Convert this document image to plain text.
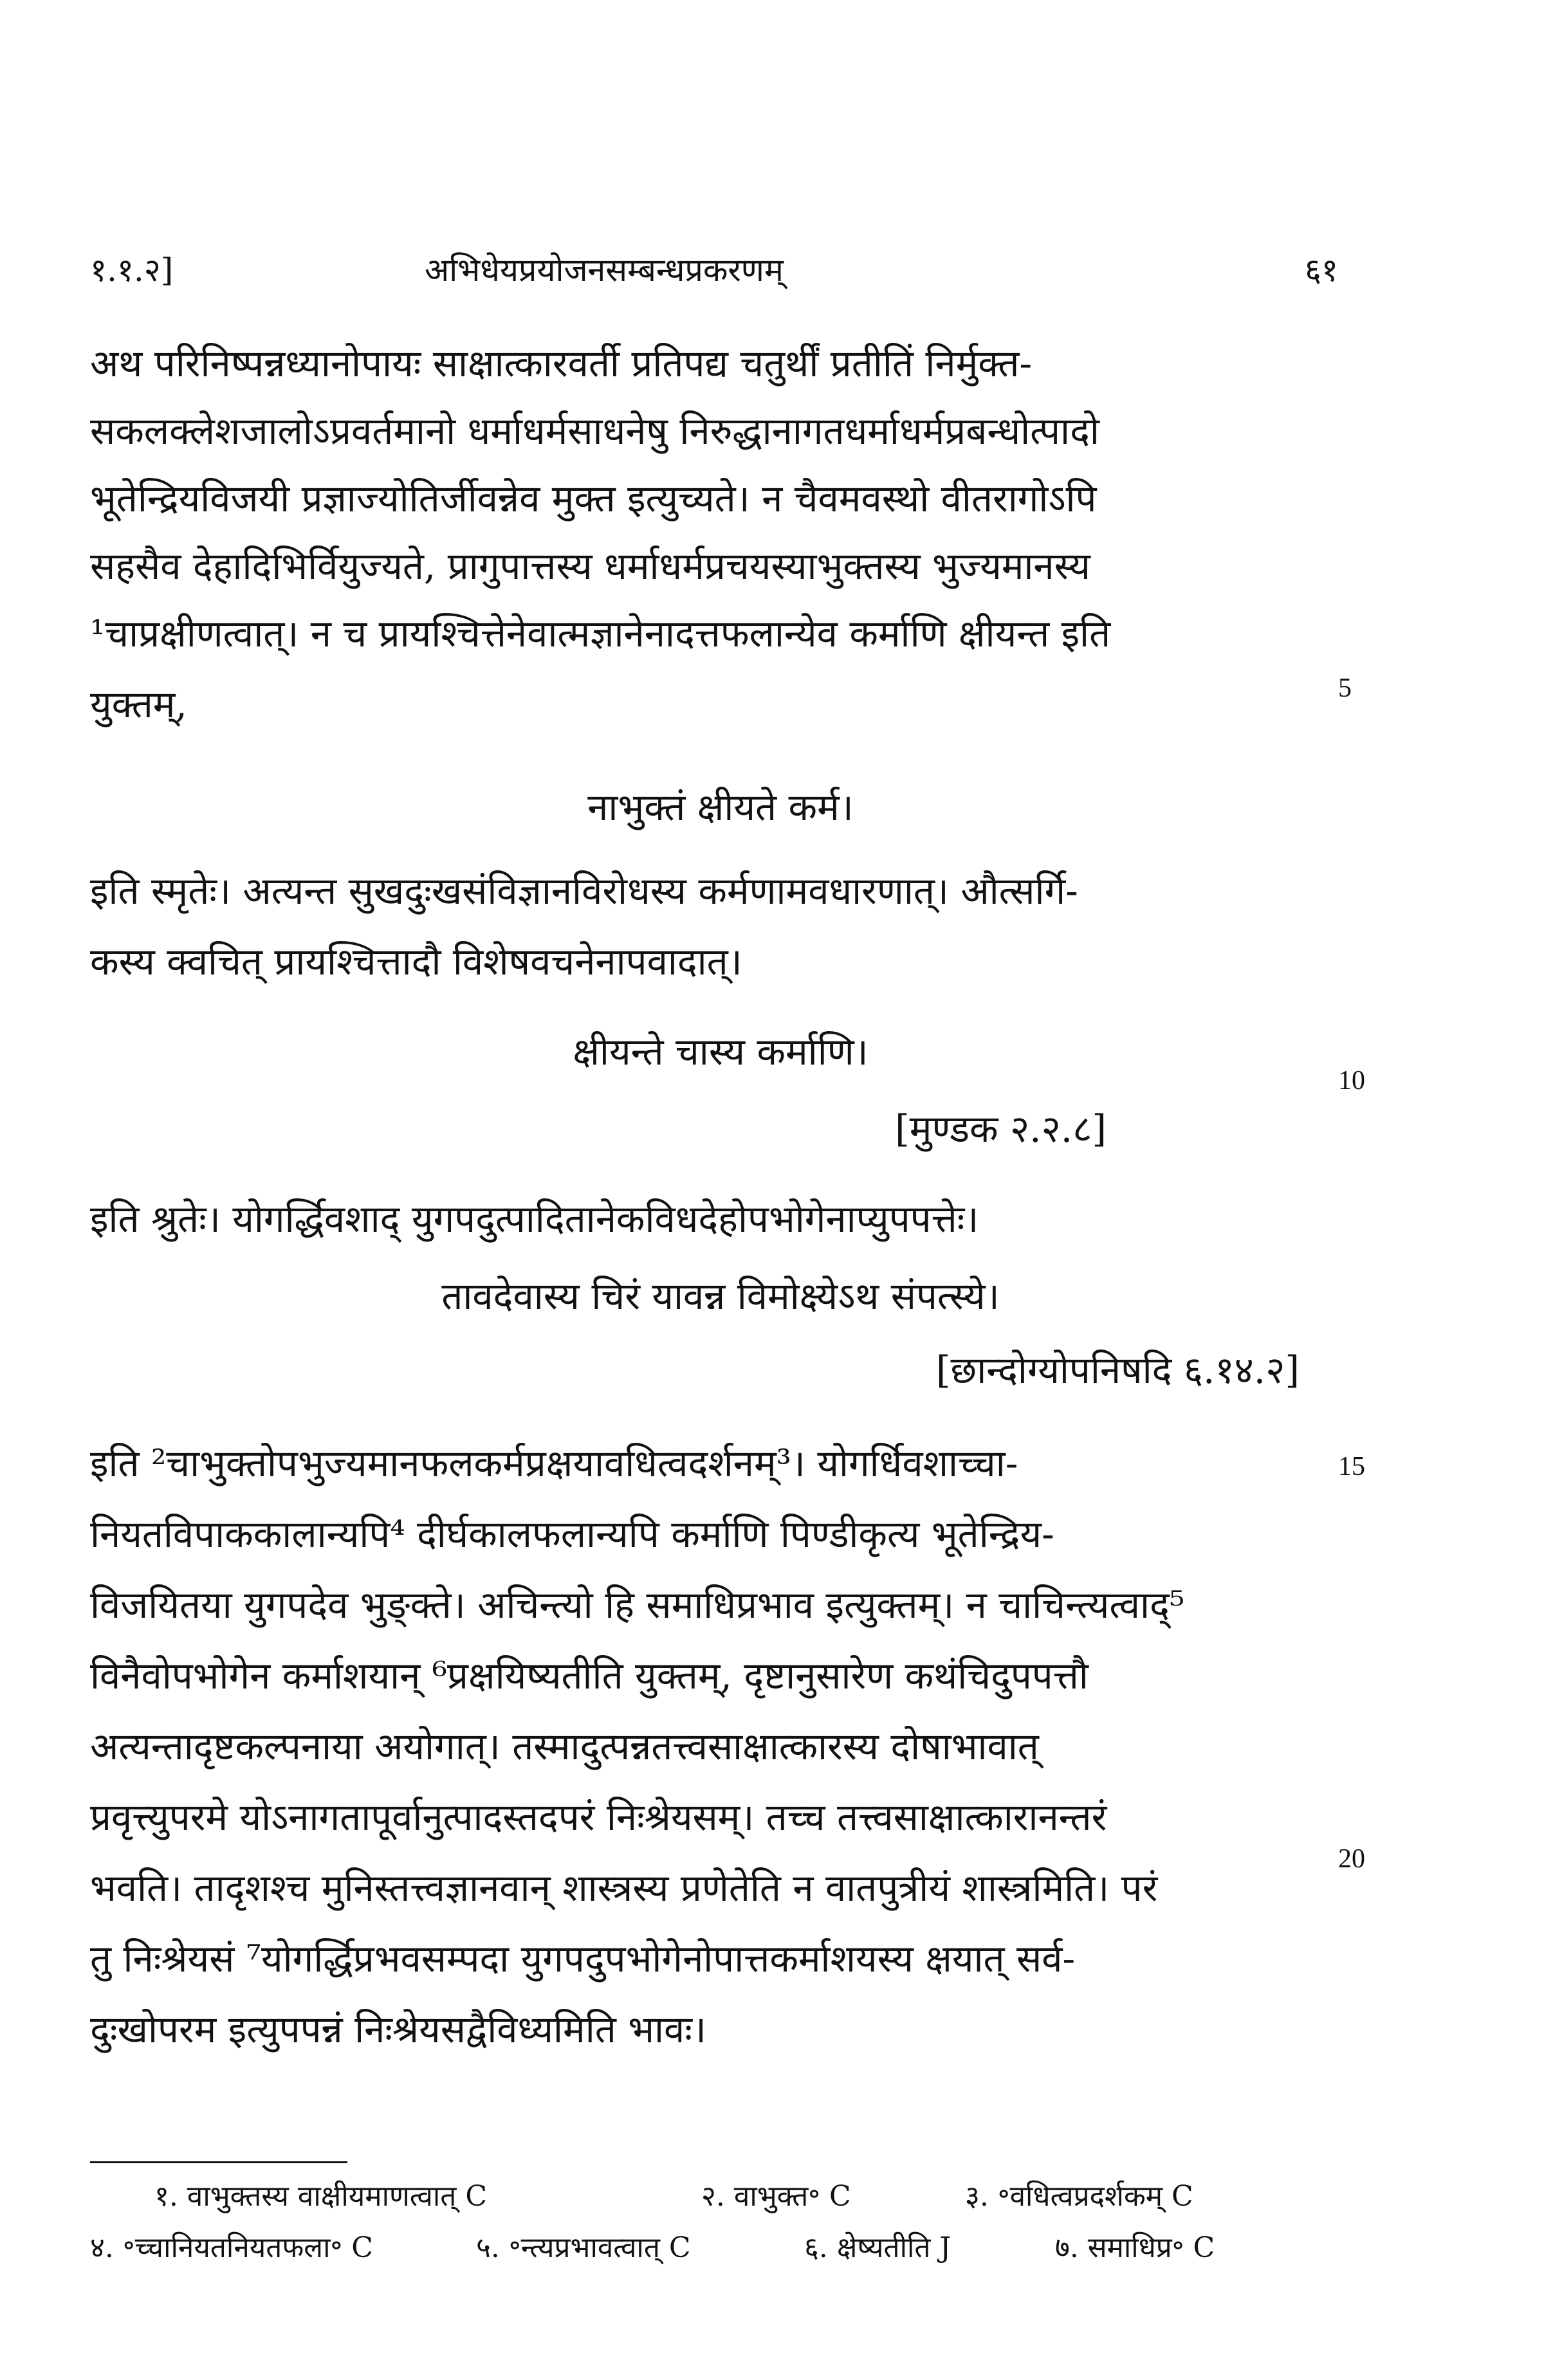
१.१.२]	अभिधेयप्रयोजनसम्बन्धप्रकरणम्	६१
अथ परिनिष्पन्नध्यानोपायः साक्षात्कारवर्ती प्रतिपद्य चतुर्थीं प्रतीतिं निर्मुक्त-
सकलक्लेशजालोऽप्रवर्तमानो धर्माधर्मसाधनेषु निरुद्धानागतधर्माधर्मप्रबन्धोत्पादो
भूतेन्द्रियविजयी प्रज्ञाज्योतिर्जीवन्नेव मुक्त इत्युच्यते। न चैवमवस्थो वीतरागोऽपि
सहसैव देहादिभिर्वियुज्यते, प्रागुपात्तस्य धर्माधर्मप्रचयस्याभुक्तस्य भुज्यमानस्य
¹चाप्रक्षीणत्वात्। न च प्रायश्चित्तेनेवात्मज्ञानेनादत्तफलान्येव कर्माणि क्षीयन्त इति
युक्तम्,
नाभुक्तं क्षीयते कर्म।
इति स्मृतेः। अत्यन्त सुखदुःखसंविज्ञानविरोधस्य कर्मणामवधारणात्। औत्सर्गि-
कस्य क्वचित् प्रायश्चित्तादौ विशेषवचनेनापवादात्।
क्षीयन्ते चास्य कर्माणि।
[मुण्डक २.२.८]
इति श्रुतेः। योगर्द्धिवशाद् युगपदुत्पादितानेकविधदेहोपभोगेनाप्युपपत्तेः।
तावदेवास्य चिरं यावन्न विमोक्ष्येऽथ संपत्स्ये।
[छान्दोग्योपनिषदि ६.१४.२]
इति ²चाभुक्तोपभुज्यमानफलकर्मप्रक्षयावधित्वदर्शनम्³। योगर्धिवशाच्चा-
नियतविपाककालान्यपि⁴ दीर्घकालफलान्यपि कर्माणि पिण्डीकृत्य भूतेन्द्रिय-
विजयितया युगपदेव भुङ्क्ते। अचिन्त्यो हि समाधिप्रभाव इत्युक्तम्। न चाचिन्त्यत्वाद्⁵
विनैवोपभोगेन कर्माशयान् ⁶प्रक्षयिष्यतीति युक्तम्, दृष्टानुसारेण कथंचिदुपपत्तौ
अत्यन्तादृष्टकल्पनाया अयोगात्। तस्मादुत्पन्नतत्त्वसाक्षात्कारस्य दोषाभावात्
प्रवृत्त्युपरमे योऽनागतापूर्वानुत्पादस्तदपरं निःश्रेयसम्। तच्च तत्त्वसाक्षात्कारानन्तरं
भवति। तादृशश्च मुनिस्तत्त्वज्ञानवान् शास्त्रस्य प्रणेतेति न वातपुत्रीयं शास्त्रमिति। परं
तु निःश्रेयसं ⁷योगर्द्धिप्रभवसम्पदा युगपदुपभोगेनोपात्तकर्माशयस्य क्षयात् सर्व-
दुःखोपरम इत्युपपन्नं निःश्रेयसद्वैविध्यमिति भावः।
5
10
15
20
१. वाभुक्तस्य वाक्षीयमाणत्वात् C	२. वाभुक्त॰ C	३. ॰वधित्वप्रदर्शकम् C
४. ॰च्चानियतनियतफला॰ C	५. ॰न्त्यप्रभावत्वात् C	६. क्षेष्यतीति J	७. समाधिप्र॰ C
